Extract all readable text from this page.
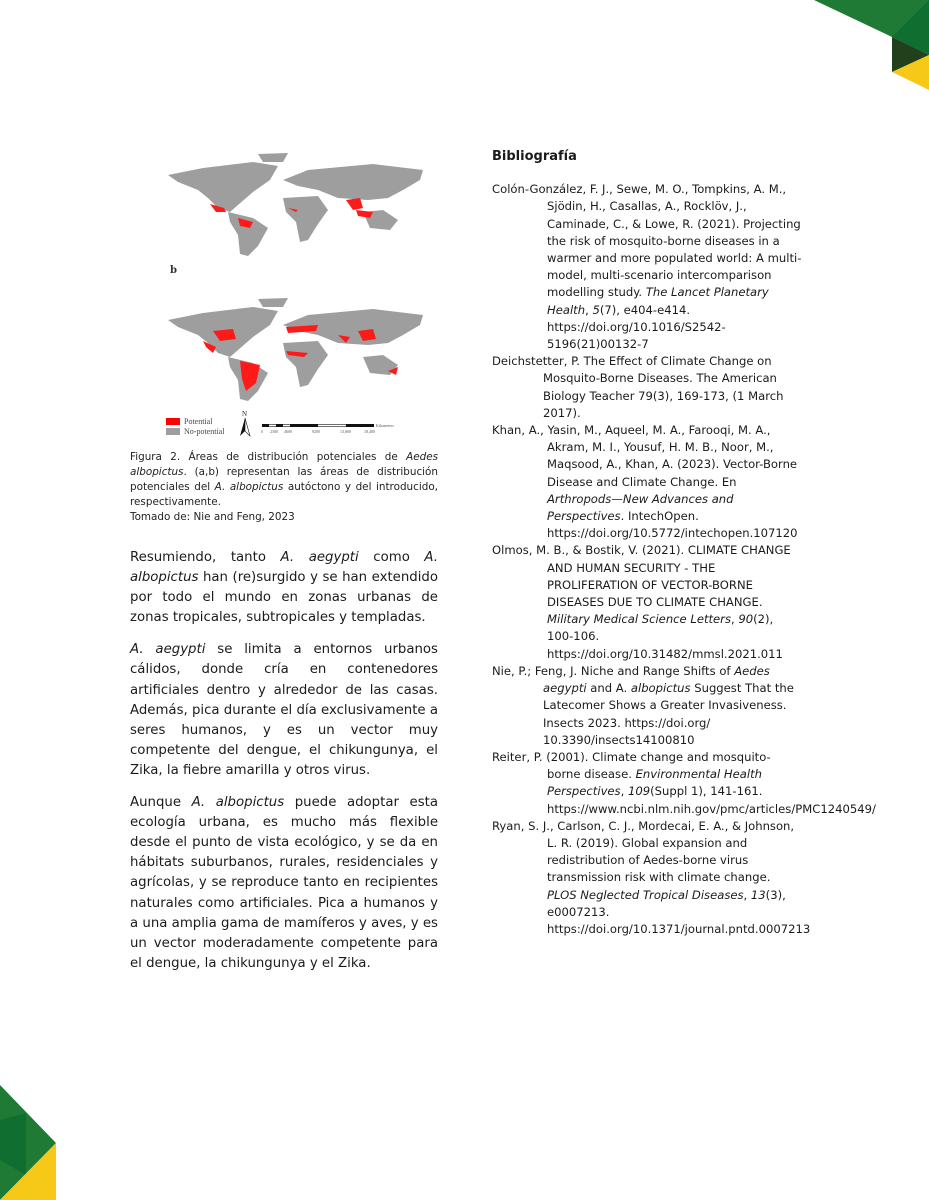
b
Potential
No-potential
N
0 2300 4600	9200	13,800	18,400
Kilometers

Figura 2. Áreas de distribución potenciales de Aedes albopictus. (a,b) representan las áreas de distribución potenciales del A. albopictus autóctono y del introducido, respectivamente.

Tomado de: Nie and Feng, 2023

Resumiendo, tanto A. aegypti como A. albopictus han (re)surgido y se han extendido por todo el mundo en zonas urbanas de zonas tropicales, subtropicales y templadas.

A. aegypti se limita a entornos urbanos cálidos, donde cría en contenedores artificiales dentro y alrededor de las casas. Además, pica durante el día exclusivamente a seres humanos, y es un vector muy competente del dengue, el chikungunya, el Zika, la fiebre amarilla y otros virus.

Aunque A. albopictus puede adoptar esta ecología urbana, es mucho más flexible desde el punto de vista ecológico, y se da en hábitats suburbanos, rurales, residenciales y agrícolas, y se reproduce tanto en recipientes naturales como artificiales. Pica a humanos y a una amplia gama de mamíferos y aves, y es un vector moderadamente competente para el dengue, la chikungunya y el Zika.

Bibliografía

Colón-González, F. J., Sewe, M. O., Tompkins, A. M., Sjödin, H., Casallas, A., Rocklöv, J., Caminade, C., & Lowe, R. (2021). Projecting the risk of mosquito-borne diseases in a warmer and more populated world: A multi-model, multi-scenario intercomparison modelling study. The Lancet Planetary Health, 5(7), e404-e414. https://doi.org/10.1016/S2542-5196(21)00132-7

Deichstetter, P. The Effect of Climate Change on Mosquito-Borne Diseases. The American Biology Teacher 79(3), 169-173, (1 March 2017).

Khan, A., Yasin, M., Aqueel, M. A., Farooqi, M. A., Akram, M. I., Yousuf, H. M. B., Noor, M., Maqsood, A., Khan, A. (2023). Vector-Borne Disease and Climate Change. En Arthropods—New Advances and Perspectives. IntechOpen. https://doi.org/10.5772/intechopen.107120

Olmos, M. B., & Bostik, V. (2021). CLIMATE CHANGE AND HUMAN SECURITY - THE PROLIFERATION OF VECTOR-BORNE DISEASES DUE TO CLIMATE CHANGE. Military Medical Science Letters, 90(2), 100-106. https://doi.org/10.31482/mmsl.2021.011

Nie, P.; Feng, J. Niche and Range Shifts of Aedes aegypti and A. albopictus Suggest That the Latecomer Shows a Greater Invasiveness. Insects 2023. https://doi.org/ 10.3390/insects14100810

Reiter, P. (2001). Climate change and mosquito-borne disease. Environmental Health Perspectives, 109(Suppl 1), 141-161. https://www.ncbi.nlm.nih.gov/pmc/articles/PMC1240549/

Ryan, S. J., Carlson, C. J., Mordecai, E. A., & Johnson, L. R. (2019). Global expansion and redistribution of Aedes-borne virus transmission risk with climate change. PLOS Neglected Tropical Diseases, 13(3), e0007213. https://doi.org/10.1371/journal.pntd.0007213
